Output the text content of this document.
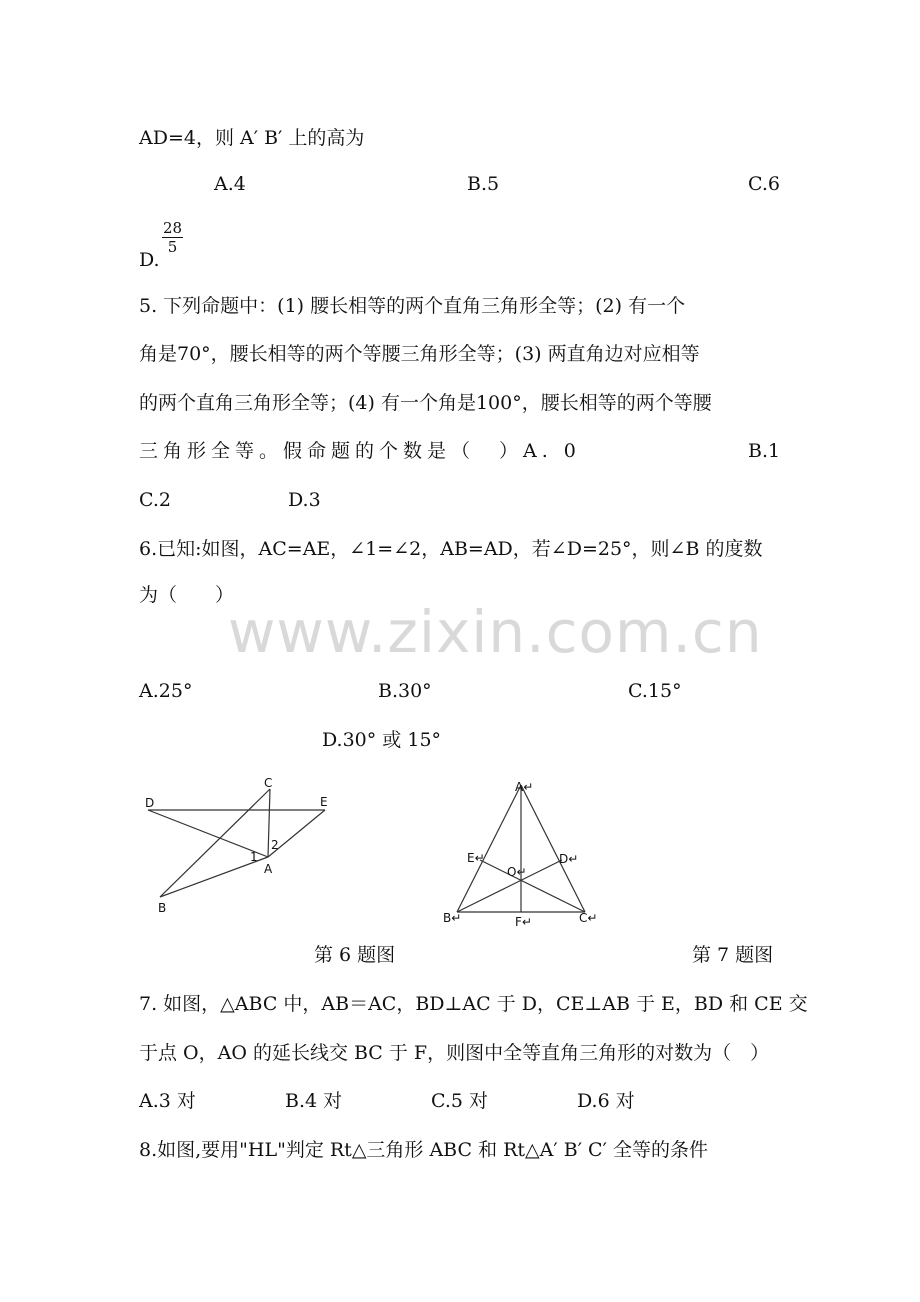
www.zixin.com.cn
AD=4，则 A′ B′ 上的高为
A.4	B.5	C.6
D.
$\frac{28}{5}$
5. 下列命题中：(1) 腰长相等的两个直角三角形全等；(2) 有一个
角是70°，腰长相等的两个等腰三角形全等；(3) 两直角边对应相等
的两个直角三角形全等；(4) 有一个角是100°，腰长相等的两个等腰
三角形全等。假命题的个数是（　）A. 0	B.1
C.2	D.3
6.已知:如图，AC=AE，∠1=∠2，AB=AD，若∠D=25°，则∠B 的度数
为（　　）
A.25°	B.30°	C.15°
D.30° 或 15°
C
D	E
1
2
A
B
A↵
E↵	D↵
O↵
B↵	F↵	C↵
第 6 题图	第 7 题图
7. 如图，△ABC 中，AB＝AC，BD⊥AC 于 D，CE⊥AB 于 E，BD 和 CE 交
于点 O，AO 的延长线交 BC 于 F，则图中全等直角三角形的对数为（　）
A.3 对	B.4 对	C.5 对	D.6 对
8.如图,要用"HL"判定 Rt△三角形 ABC 和 Rt△A′ B′ C′ 全等的条件
